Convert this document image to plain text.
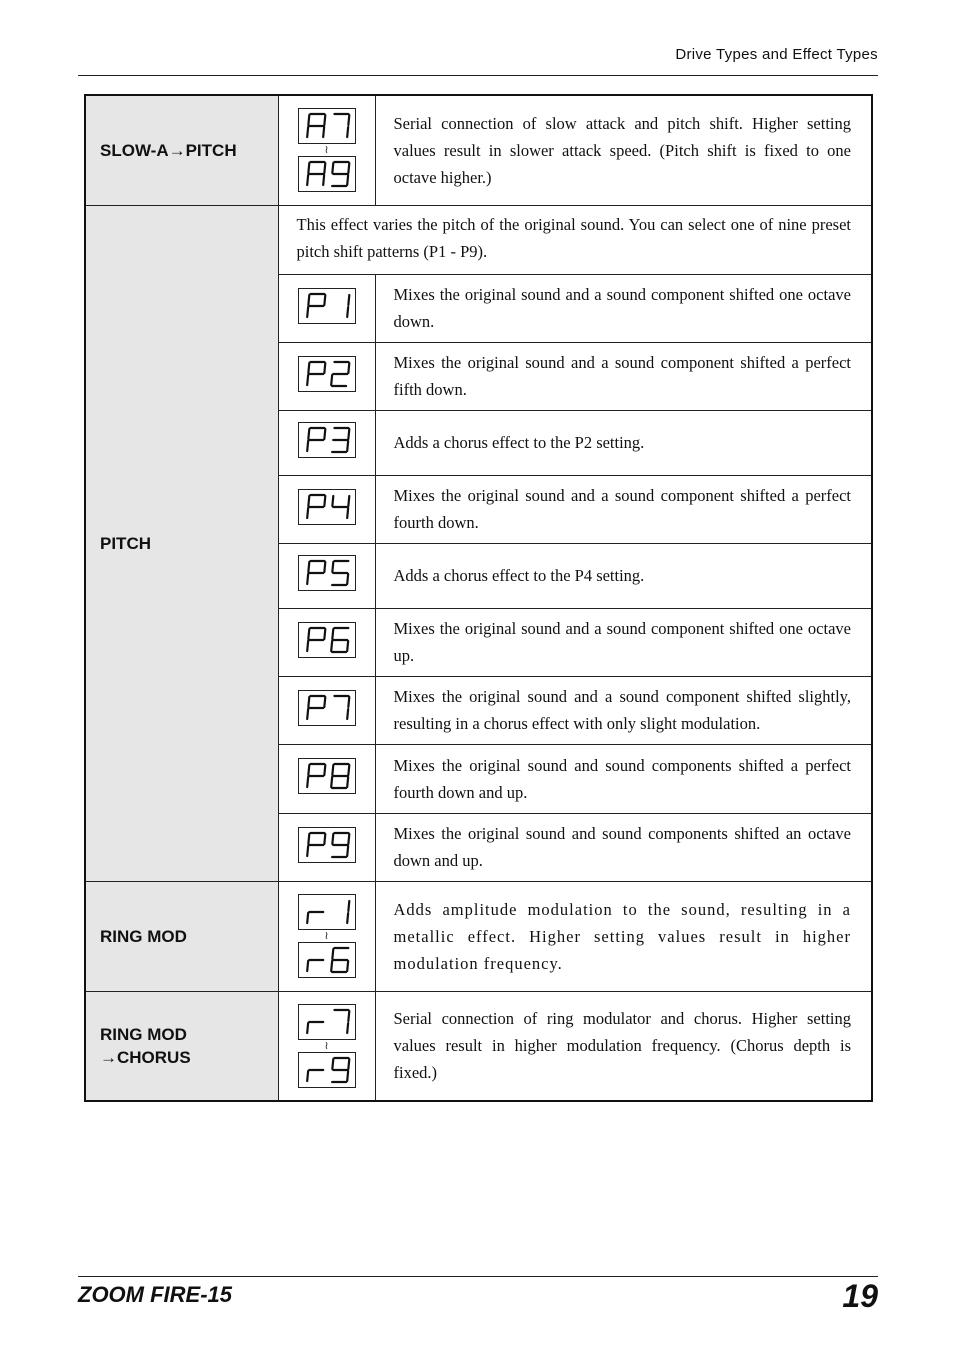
Drive Types and Effect Types
SLOW-A→PITCH	≀	Serial connection of slow attack and pitch shift. Higher setting values result in slower attack speed. (Pitch shift is fixed to one octave higher.)
PITCH	This effect varies the pitch of the original sound. You can select one of nine preset pitch shift patterns (P1 - P9).	

	Mixes the original sound and a sound component shifted one octave down.

	Mixes the original sound and a sound component shifted a perfect fifth down.

	Adds a chorus effect to the P2 setting.

	Mixes the original sound and a sound component shifted a perfect fourth down.

	Adds a chorus effect to the P4 setting.

	Mixes the original sound and a sound component shifted one octave up.

	Mixes the original sound and a sound component shifted slightly, resulting in a chorus effect with only slight modulation.

	Mixes the original sound and sound components shifted a perfect fourth down and up.

	Mixes the original sound and sound components shifted an octave down and up.
RING MOD	≀	Adds amplitude modulation to the sound, resulting in a metallic effect. Higher setting values result in higher modulation frequency.

RING MOD
→CHORUS	≀	Serial connection of ring modulator and chorus. Higher setting values result in higher modulation frequency. (Chorus depth is fixed.)
ZOOM FIRE-15	19
